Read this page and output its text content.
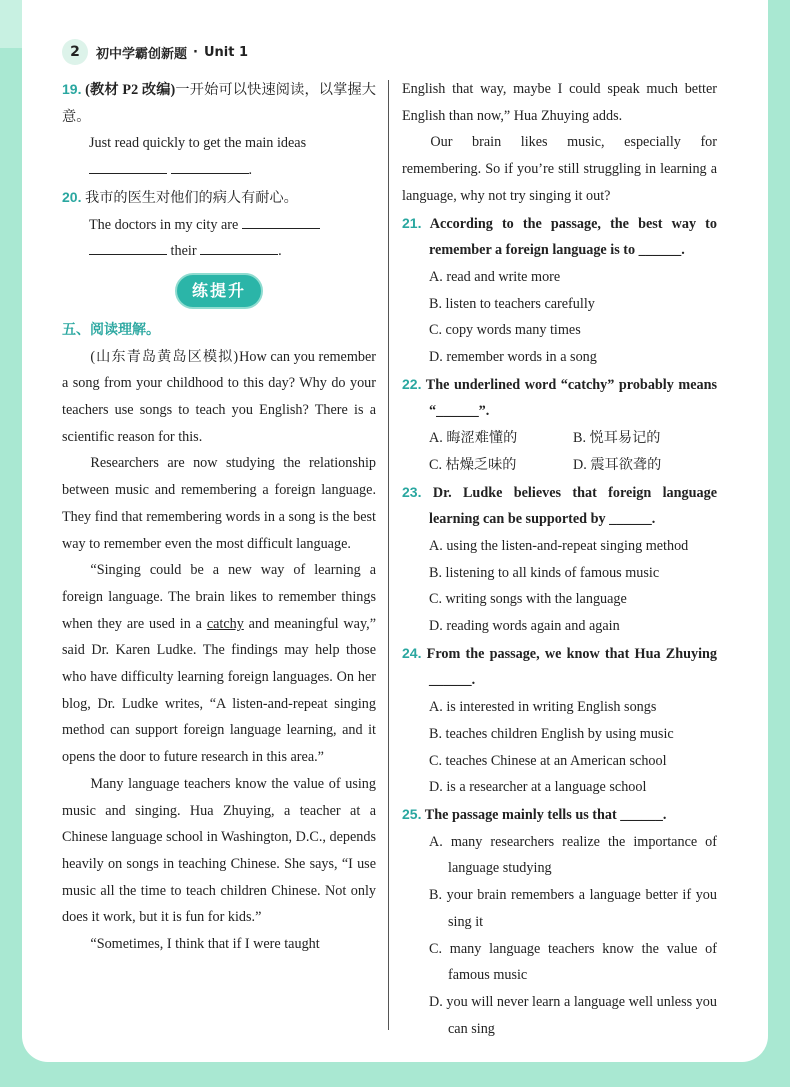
2	初中学霸创新题 · Unit 1
19. (教材 P2 改编)一开始可以快速阅读，以掌握大意。
Just read quickly to get the main ideas
.
20. 我市的医生对他们的病人有耐心。
The doctors in my city are
their	.
练提升

五、阅读理解。

(山东青岛黄岛区模拟)How can you remember a song from your childhood to this day? Why do your teachers use songs to teach you English? There is a scientific reason for this.

Researchers are now studying the relationship between music and remembering a foreign language. They find that remembering words in a song is the best way to remember even the most difficult language.

“Singing could be a new way of learning a foreign language. The brain likes to remember things when they are used in a catchy and meaningful way,” said Dr. Karen Ludke. The findings may help those who have difficulty learning foreign languages. On her blog, Dr. Ludke writes, “A listen-and-repeat singing method can support foreign language learning, and it opens the door to future research in this area.”

Many language teachers know the value of using music and singing. Hua Zhuying, a teacher at a Chinese language school in Washington, D.C., depends heavily on songs in teaching Chinese. She says, “I use music all the time to teach children Chinese. Not only does it work, but it is fun for kids.”

“Sometimes, I think that if I were taught

English that way, maybe I could speak much better English than now,” Hua Zhuying adds.

Our brain likes music, especially for remembering. So if you’re still struggling in learning a language, why not try singing it out?

21. According to the passage, the best way to remember a foreign language is to ______.

A. read and write more

B. listen to teachers carefully

C. copy words many times

D. remember words in a song

22. The underlined word “catchy” probably means “______”.

A. 晦涩难懂的	B. 悦耳易记的
C. 枯燥乏味的	D. 震耳欲聋的

23. Dr. Ludke believes that foreign language learning can be supported by ______.

A. using the listen-and-repeat singing method

B. listening to all kinds of famous music

C. writing songs with the language

D. reading words again and again

24. From the passage, we know that Hua Zhuying ______.

A. is interested in writing English songs

B. teaches children English by using music

C. teaches Chinese at an American school

D. is a researcher at a language school

25. The passage mainly tells us that ______.

A. many researchers realize the importance of language studying

B. your brain remembers a language better if you sing it

C. many language teachers know the value of famous music

D. you will never learn a language well unless you can sing
